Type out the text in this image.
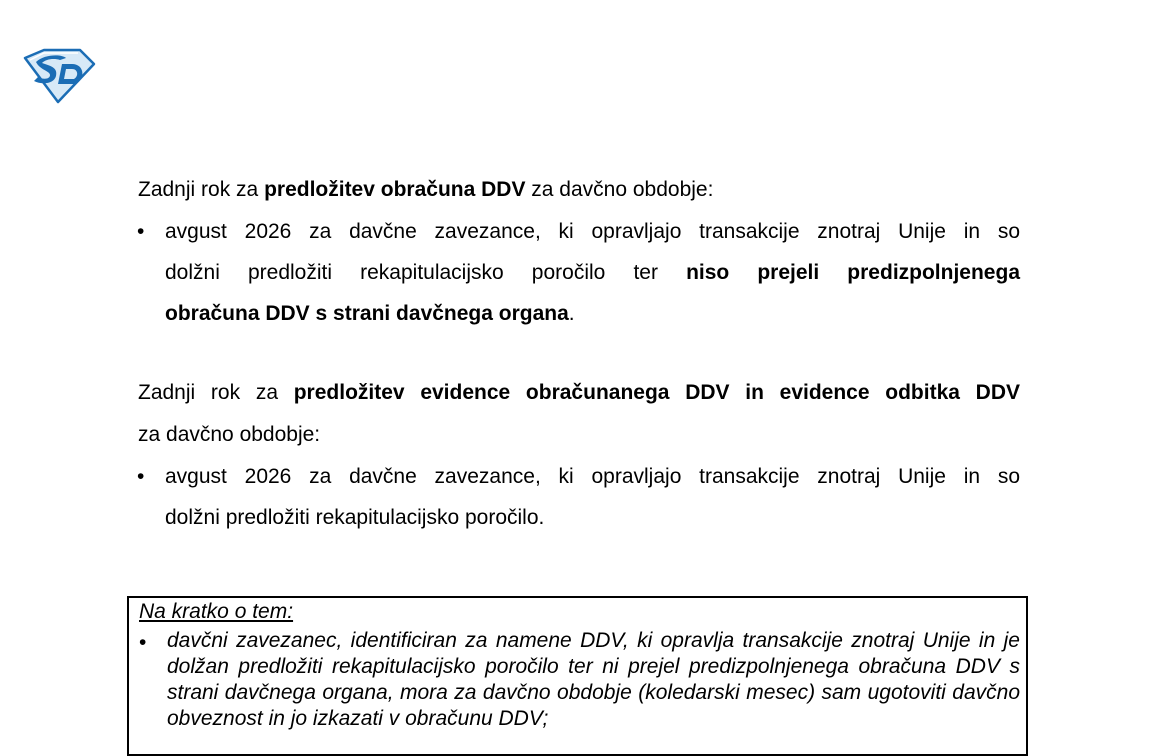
Zadnji rok za predložitev obračuna DDV za davčno obdobje:
• avgust 2026 za davčne zavezance, ki opravljajo transakcije znotraj Unije in so
dolžni predložiti rekapitulacijsko poročilo ter niso prejeli predizpolnjenega
obračuna DDV s strani davčnega organa.
Zadnji rok za predložitev evidence obračunanega DDV in evidence odbitka DDV
za davčno obdobje:
• avgust 2026 za davčne zavezance, ki opravljajo transakcije znotraj Unije in so
dolžni predložiti rekapitulacijsko poročilo.
Na kratko o tem:
• davčni zavezanec, identificiran za namene DDV, ki opravlja transakcije znotraj Unije in je dolžan predložiti rekapitulacijsko poročilo ter ni prejel predizpolnjenega obračuna DDV s strani davčnega organa, mora za davčno obdobje (koledarski mesec) sam ugotoviti davčno obveznost in jo izkazati v obračunu DDV;
